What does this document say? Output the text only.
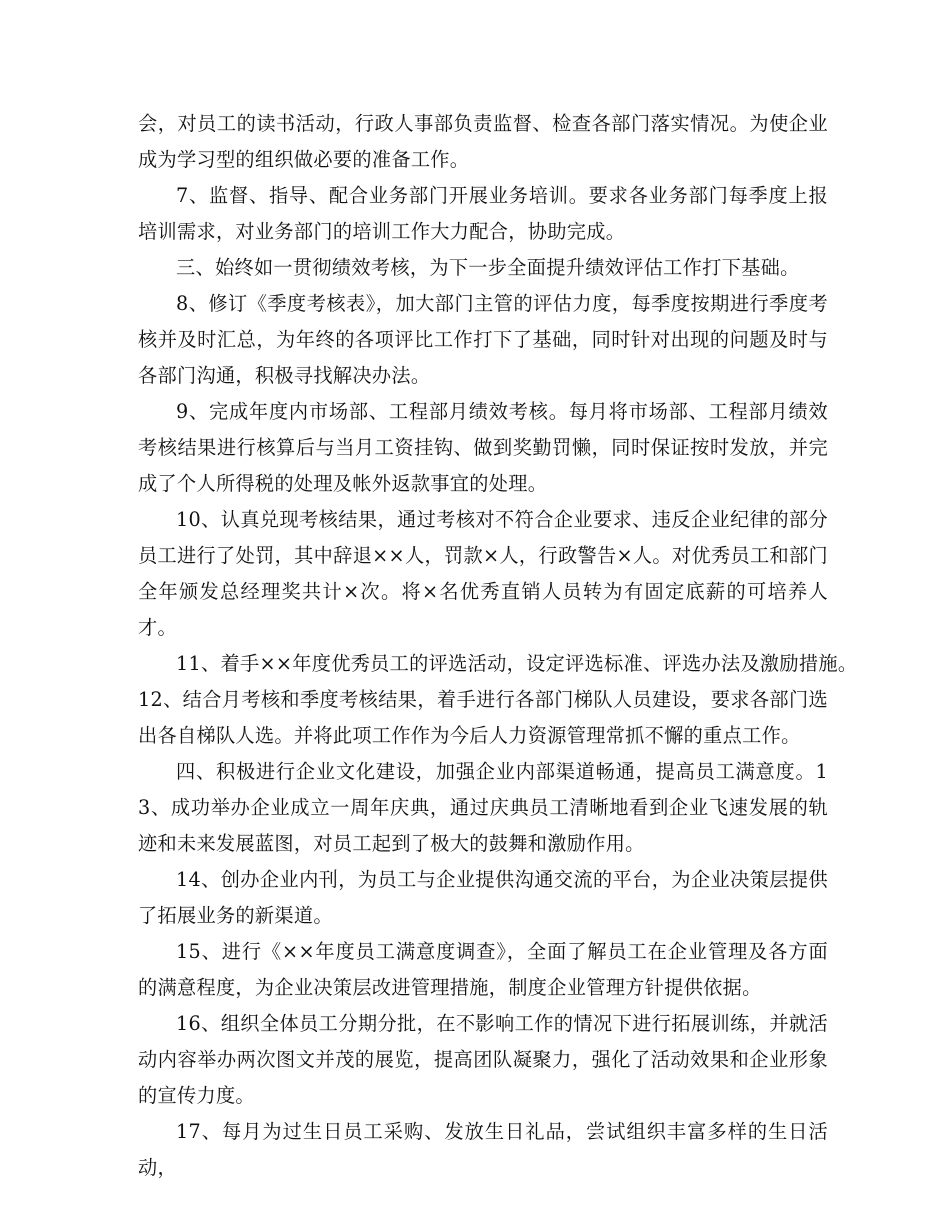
会，对员工的读书活动，行政人事部负责监督、检查各部门落实情况。为使企业成为学习型的组织做必要的准备工作。

7、监督、指导、配合业务部门开展业务培训。要求各业务部门每季度上报培训需求，对业务部门的培训工作大力配合，协助完成。

三、始终如一贯彻绩效考核，为下一步全面提升绩效评估工作打下基础。

8、修订《季度考核表》，加大部门主管的评估力度，每季度按期进行季度考核并及时汇总，为年终的各项评比工作打下了基础，同时针对出现的问题及时与各部门沟通，积极寻找解决办法。

9、完成年度内市场部、工程部月绩效考核。每月将市场部、工程部月绩效考核结果进行核算后与当月工资挂钩、做到奖勤罚懒，同时保证按时发放，并完成了个人所得税的处理及帐外返款事宜的处理。

10、认真兑现考核结果，通过考核对不符合企业要求、违反企业纪律的部分员工进行了处罚，其中辞退××人，罚款×人，行政警告×人。对优秀员工和部门全年颁发总经理奖共计×次。将×名优秀直销人员转为有固定底薪的可培养人才。

11、着手××年度优秀员工的评选活动，设定评选标准、评选办法及激励措施。

12、结合月考核和季度考核结果，着手进行各部门梯队人员建设，要求各部门选出各自梯队人选。并将此项工作作为今后人力资源管理常抓不懈的重点工作。

四、积极进行企业文化建设，加强企业内部渠道畅通，提高员工满意度。13、成功举办企业成立一周年庆典，通过庆典员工清晰地看到企业飞速发展的轨迹和未来发展蓝图，对员工起到了极大的鼓舞和激励作用。

14、创办企业内刊，为员工与企业提供沟通交流的平台，为企业决策层提供了拓展业务的新渠道。

15、进行《××年度员工满意度调查》，全面了解员工在企业管理及各方面的满意程度，为企业决策层改进管理措施，制度企业管理方针提供依据。

16、组织全体员工分期分批，在不影响工作的情况下进行拓展训练，并就活动内容举办两次图文并茂的展览，提高团队凝聚力，强化了活动效果和企业形象的宣传力度。

17、每月为过生日员工采购、发放生日礼品，尝试组织丰富多样的生日活动，
